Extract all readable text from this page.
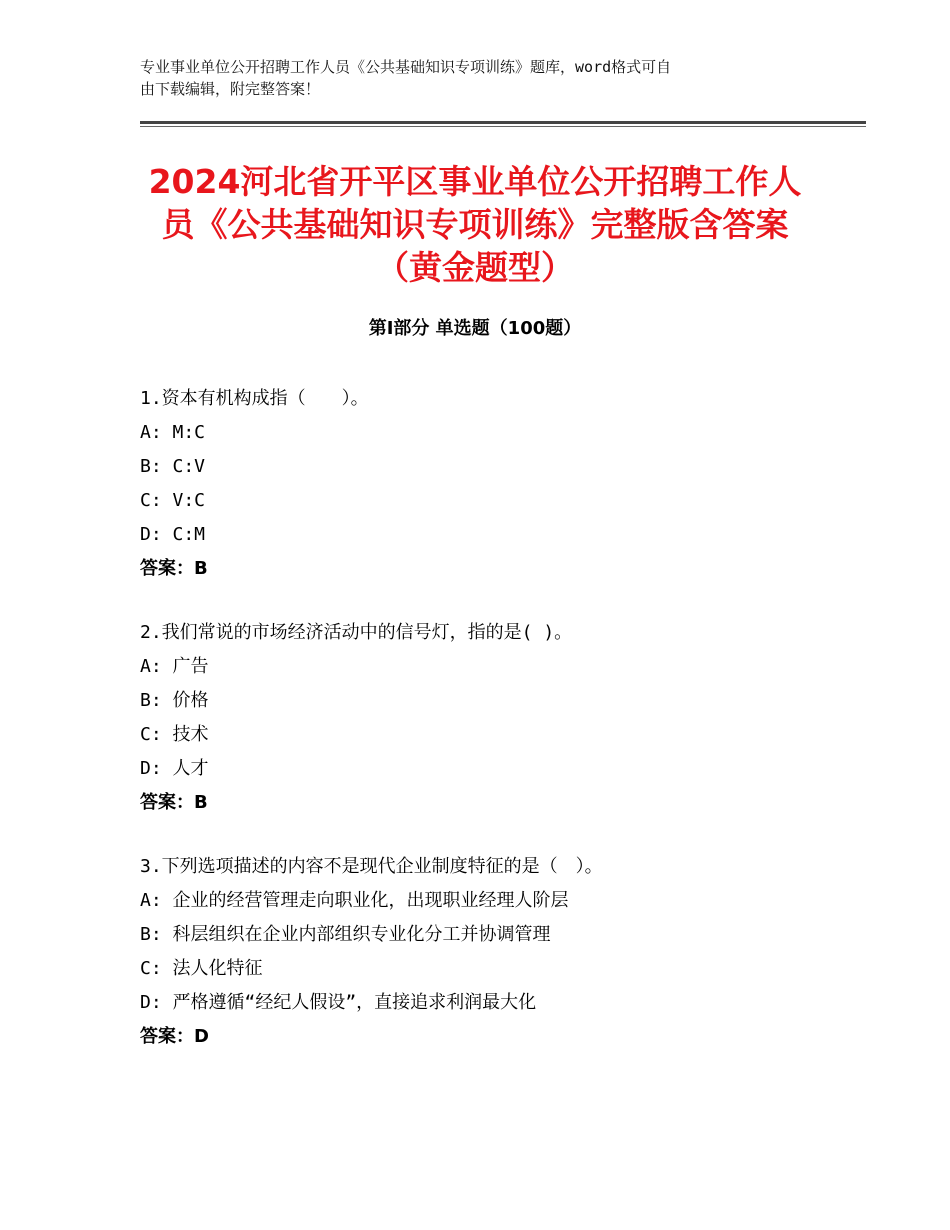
专业事业单位公开招聘工作人员《公共基础知识专项训练》题库，word格式可自
由下载编辑，附完整答案！
2024河北省开平区事业单位公开招聘工作人
员《公共基础知识专项训练》完整版含答案
（黄金题型）
第Ⅰ部分 单选题（100题）
1.资本有机构成指（　　）。
A: M:C
B: C:V
C: V:C
D: C:M
答案：B
2.我们常说的市场经济活动中的信号灯，指的是( )。
A: 广告
B: 价格
C: 技术
D: 人才
答案：B
3.下列选项描述的内容不是现代企业制度特征的是（　）。
A: 企业的经营管理走向职业化，出现职业经理人阶层
B: 科层组织在企业内部组织专业化分工并协调管理
C: 法人化特征
D: 严格遵循“经纪人假设”，直接追求利润最大化
答案：D
